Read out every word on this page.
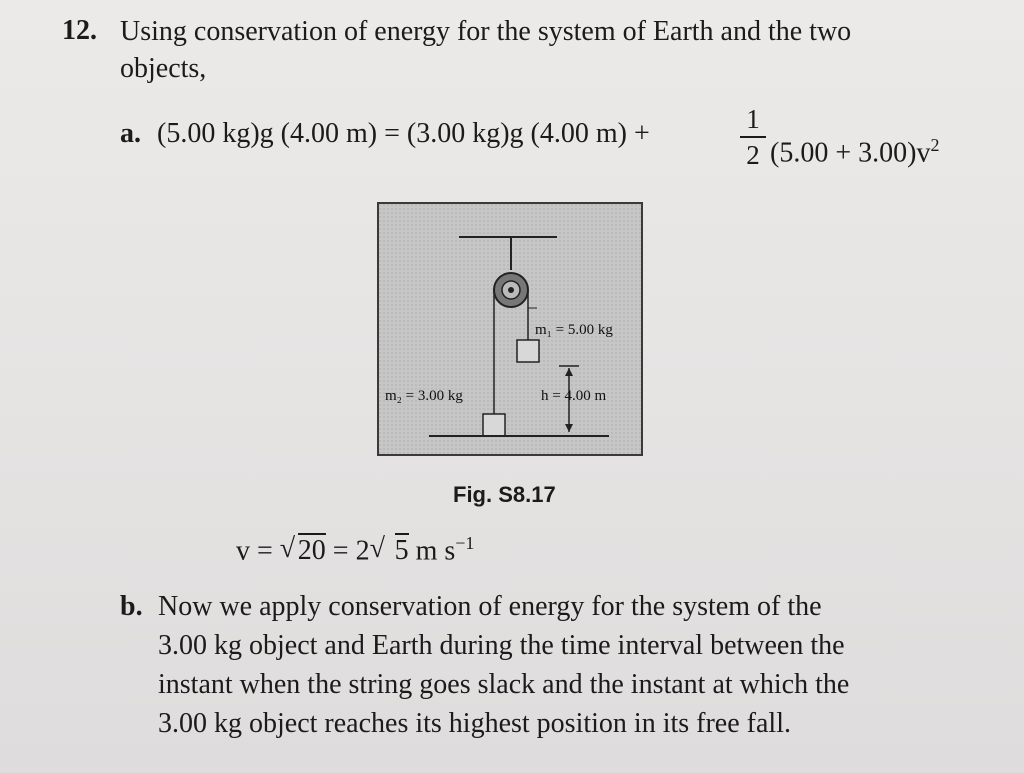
12. Using conservation of energy for the system of Earth and the two
objects,
a. (5.00 kg)g (4.00 m) = (3.00 kg)g (4.00 m) +	1
2 $(5.00 + 3.00)v^2$
m₁ = 5.00 kg
m₂ = 3.00 kg	h = 4.00 m
Fig. S8.17
v = √ 20 = 2 √ 5 m $s^{-1}$
b. Now we apply conservation of energy for the system of the
3.00 kg object and Earth during the time interval between the
instant when the string goes slack and the instant at which the
3.00 kg object reaches its highest position in its free fall.
